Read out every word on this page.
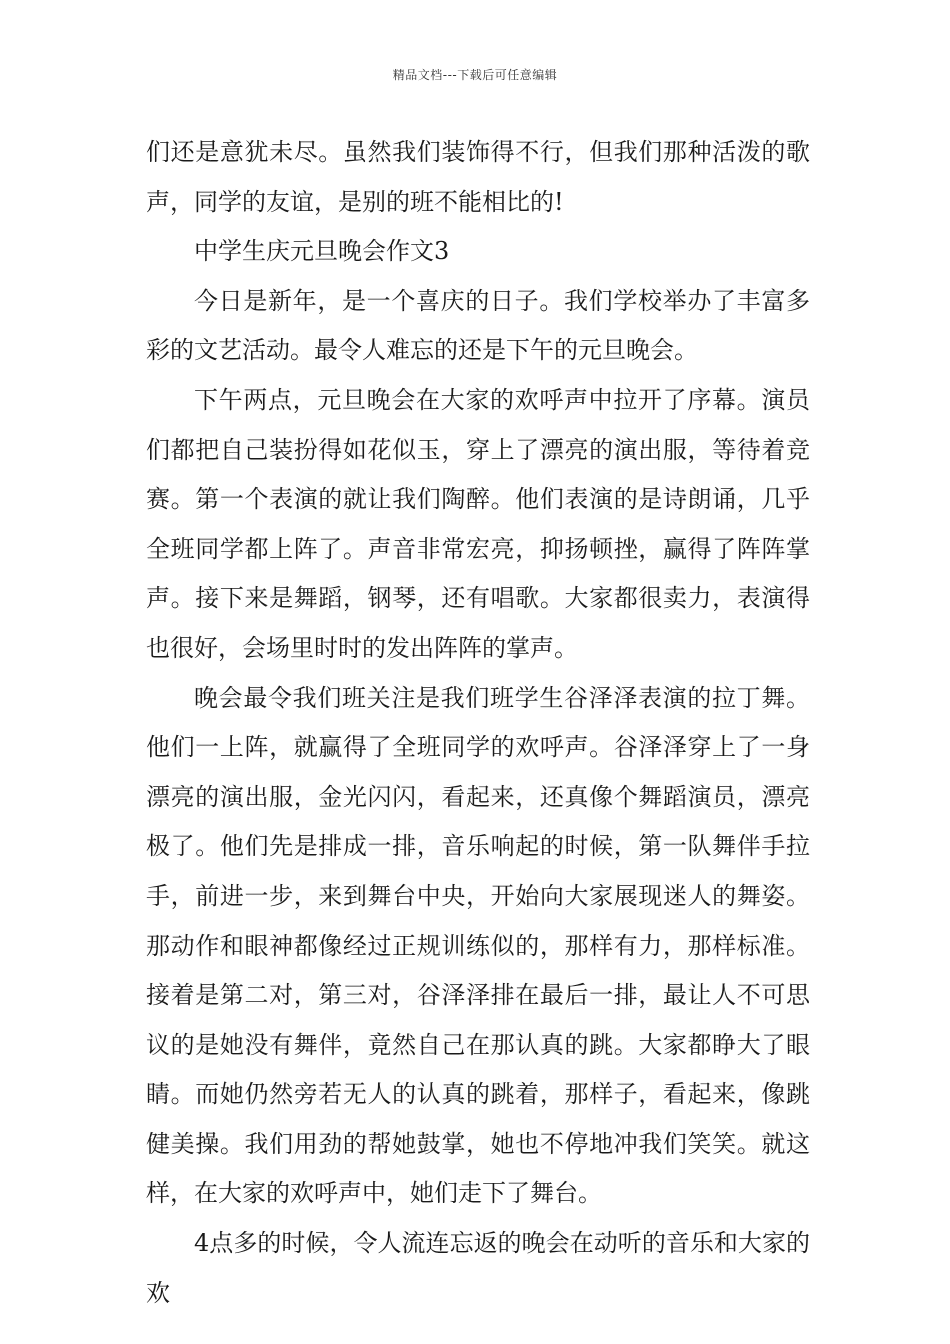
精品文档---下载后可任意编辑

们还是意犹未尽。虽然我们装饰得不行，但我们那种活泼的歌声，同学的友谊，是别的班不能相比的!

中学生庆元旦晚会作文3

今日是新年，是一个喜庆的日子。我们学校举办了丰富多彩的文艺活动。最令人难忘的还是下午的元旦晚会。

下午两点，元旦晚会在大家的欢呼声中拉开了序幕。演员们都把自己装扮得如花似玉，穿上了漂亮的演出服，等待着竞赛。第一个表演的就让我们陶醉。他们表演的是诗朗诵，几乎全班同学都上阵了。声音非常宏亮，抑扬顿挫，赢得了阵阵掌声。接下来是舞蹈，钢琴，还有唱歌。大家都很卖力，表演得也很好，会场里时时的发出阵阵的掌声。

晚会最令我们班关注是我们班学生谷泽泽表演的拉丁舞。他们一上阵，就赢得了全班同学的欢呼声。谷泽泽穿上了一身漂亮的演出服，金光闪闪，看起来，还真像个舞蹈演员，漂亮极了。他们先是排成一排，音乐响起的时候，第一队舞伴手拉手，前进一步，来到舞台中央，开始向大家展现迷人的舞姿。那动作和眼神都像经过正规训练似的，那样有力，那样标准。接着是第二对，第三对，谷泽泽排在最后一排，最让人不可思议的是她没有舞伴，竟然自己在那认真的跳。大家都睁大了眼睛。而她仍然旁若无人的认真的跳着，那样子，看起来，像跳健美操。我们用劲的帮她鼓掌，她也不停地冲我们笑笑。就这样，在大家的欢呼声中，她们走下了舞台。

4点多的时候，令人流连忘返的晚会在动听的音乐和大家的欢
